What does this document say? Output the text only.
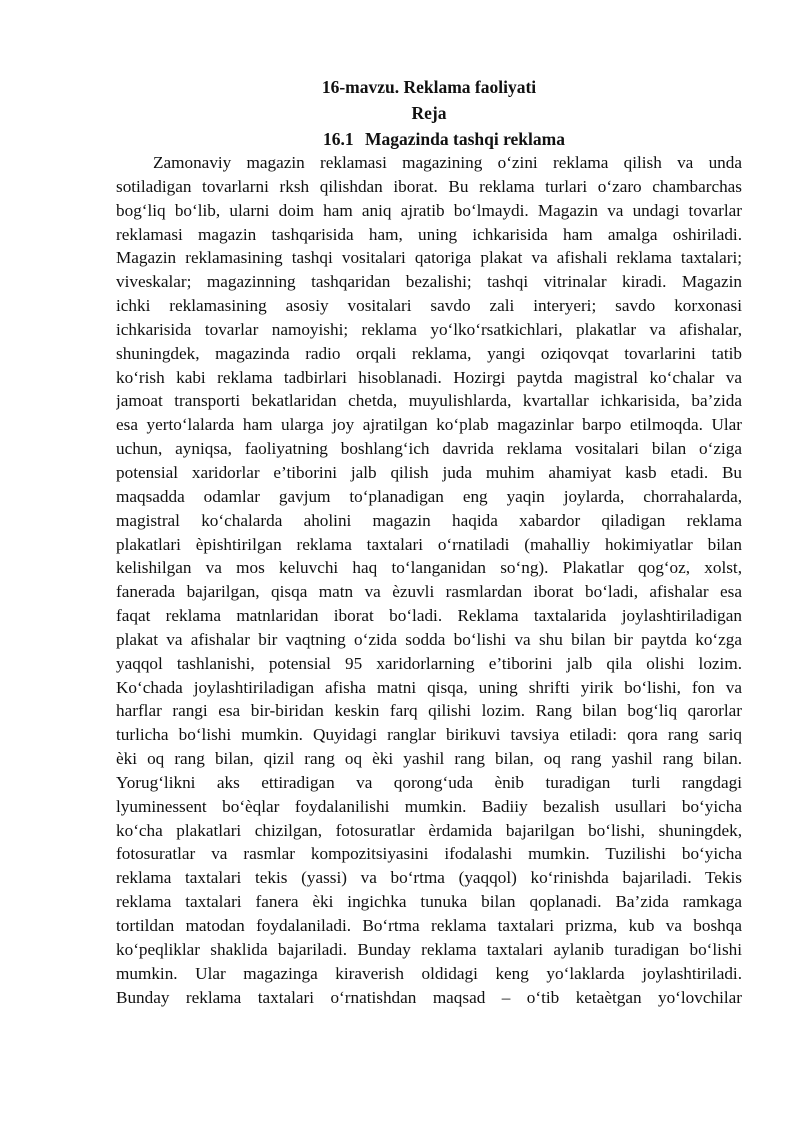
16-mavzu. Reklama faoliyati
Reja
16.1 Magazinda tashqi reklama
Zamonaviy magazin reklamasi magazining o‘zini reklama qilish va unda
sotiladigan tovarlarni rksh qilishdan iborat. Bu reklama turlari o‘zaro chambarchas
bog‘liq bo‘lib, ularni doim ham aniq ajratib bo‘lmaydi. Magazin va undagi tovarlar
reklamasi magazin tashqarisida ham, uning ichkarisida ham amalga oshiriladi.
Magazin reklamasining tashqi vositalari qatoriga plakat va afishali reklama taxtalari;
viveskalar; magazinning tashqaridan bezalishi; tashqi vitrinalar kiradi. Magazin
ichki reklamasining asosiy vositalari savdo zali interyeri; savdo korxonasi
ichkarisida tovarlar namoyishi; reklama yo‘lko‘rsatkichlari, plakatlar va afishalar,
shuningdek, magazinda radio orqali reklama, yangi oziqovqat tovarlarini tatib
ko‘rish kabi reklama tadbirlari hisoblanadi. Hozirgi paytda magistral ko‘chalar va
jamoat transporti bekatlaridan chetda, muyulishlarda, kvartallar ichkarisida, ba’zida
esa yerto‘lalarda ham ularga joy ajratilgan ko‘plab magazinlar barpo etilmoqda. Ular
uchun, ayniqsa, faoliyatning boshlang‘ich davrida reklama vositalari bilan o‘ziga
potensial xaridorlar e’tiborini jalb qilish juda muhim ahamiyat kasb etadi. Bu
maqsadda odamlar gavjum to‘planadigan eng yaqin joylarda, chorrahalarda,
magistral ko‘chalarda aholini magazin haqida xabardor qiladigan reklama
plakatlari èpishtirilgan reklama taxtalari o‘rnatiladi (mahalliy hokimiyatlar bilan
kelishilgan va mos keluvchi haq to‘langanidan so‘ng). Plakatlar qog‘oz, xolst,
fanerada bajarilgan, qisqa matn va èzuvli rasmlardan iborat bo‘ladi, afishalar esa
faqat reklama matnlaridan iborat bo‘ladi. Reklama taxtalarida joylashtiriladigan
plakat va afishalar bir vaqtning o‘zida sodda bo‘lishi va shu bilan bir paytda ko‘zga
yaqqol tashlanishi, potensial 95 xaridorlarning e’tiborini jalb qila olishi lozim.
Ko‘chada joylashtiriladigan afisha matni qisqa, uning shrifti yirik bo‘lishi, fon va
harflar rangi esa bir-biridan keskin farq qilishi lozim. Rang bilan bog‘liq qarorlar
turlicha bo‘lishi mumkin. Quyidagi ranglar birikuvi tavsiya etiladi: qora rang sariq
èki oq rang bilan, qizil rang oq èki yashil rang bilan, oq rang yashil rang bilan.
Yorug‘likni aks ettiradigan va qorong‘uda ènib turadigan turli rangdagi
lyuminessent bo‘èqlar foydalanilishi mumkin. Badiiy bezalish usullari bo‘yicha
ko‘cha plakatlari chizilgan, fotosuratlar èrdamida bajarilgan bo‘lishi, shuningdek,
fotosuratlar va rasmlar kompozitsiyasini ifodalashi mumkin. Tuzilishi bo‘yicha
reklama taxtalari tekis (yassi) va bo‘rtma (yaqqol) ko‘rinishda bajariladi. Tekis
reklama taxtalari fanera èki ingichka tunuka bilan qoplanadi. Ba’zida ramkaga
tortildan matodan foydalaniladi. Bo‘rtma reklama taxtalari prizma, kub va boshqa
ko‘peqliklar shaklida bajariladi. Bunday reklama taxtalari aylanib turadigan bo‘lishi
mumkin. Ular magazinga kiraverish oldidagi keng yo‘laklarda joylashtiriladi.
Bunday reklama taxtalari o‘rnatishdan maqsad – o‘tib ketaètgan yo‘lovchilar
